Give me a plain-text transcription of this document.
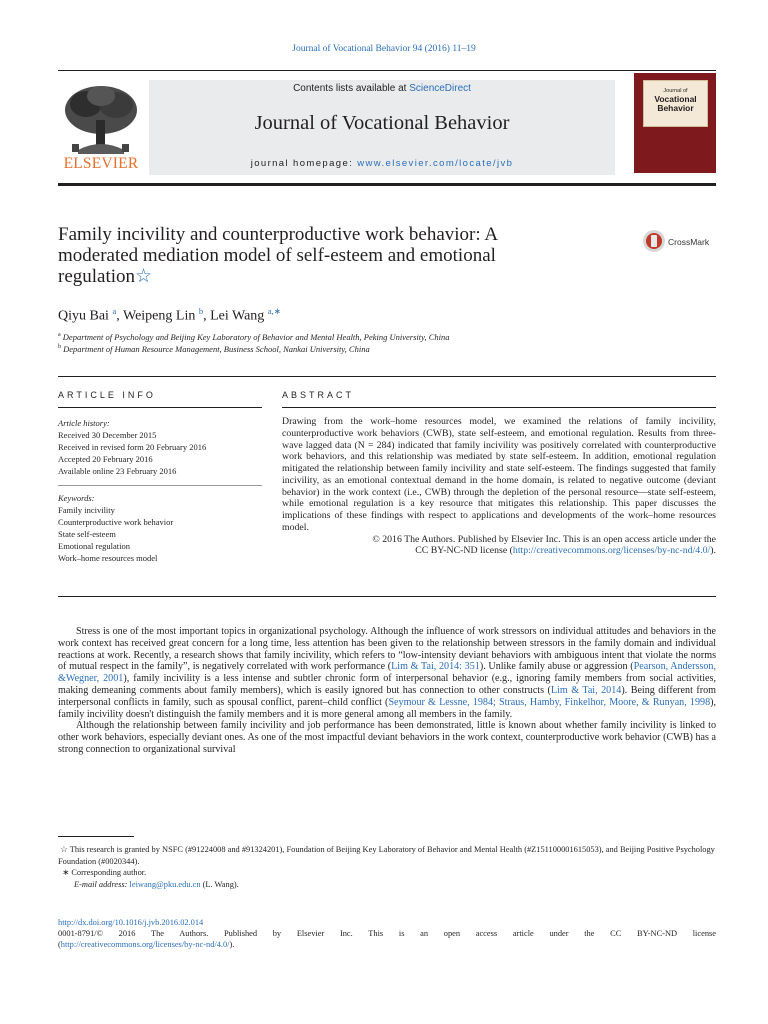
Journal of Vocational Behavior 94 (2016) 11–19
ELSEVIER
Contents lists available at ScienceDirect
Journal of Vocational Behavior
journal homepage: www.elsevier.com/locate/jvb
Journal of
Vocational
Behavior
Family incivility and counterproductive work behavior: A moderated mediation model of self-esteem and emotional regulation☆
CrossMark
Qiyu Bai $^a$, Weipeng Lin $^b$, Lei Wang $^{a,∗}$
$^a$ Department of Psychology and Beijing Key Laboratory of Behavior and Mental Health, Peking University, China
$^b$ Department of Human Resource Management, Business School, Nankai University, China
ARTICLE INFO	ABSTRACT
Article history:
Received 30 December 2015
Received in revised form 20 February 2016
Accepted 20 February 2016
Available online 23 February 2016
Keywords:
Family incivility
Counterproductive work behavior
State self-esteem
Emotional regulation
Work–home resources model

Drawing from the work–home resources model, we examined the relations of family incivility, counterproductive work behaviors (CWB), state self-esteem, and emotional regulation. Results from three-wave lagged data (N = 284) indicated that family incivility was positively correlated with counterproductive work behaviors, and this relationship was mediated by state self-esteem. In addition, emotional regulation mitigated the relationship between family incivility and state self-esteem. The findings suggested that family incivility, as an emotional contextual demand in the home domain, is related to negative outcome (deviant behavior) in the work context (i.e., CWB) through the depletion of the personal resource—state self-esteem, while emotional regulation is a key resource that mitigates this relationship. This paper discusses the implications of these findings with respect to applications and developments of the work–home resources model.

© 2016 The Authors. Published by Elsevier Inc. This is an open access article under the

CC BY-NC-ND license (http://creativecommons.org/licenses/by-nc-nd/4.0/).

Stress is one of the most important topics in organizational psychology. Although the influence of work stressors on individual attitudes and behaviors in the work context has received great concern for a long time, less attention has been given to the relationship between stressors in the family domain and individual reactions at work. Recently, a research shows that family incivility, which refers to “low-intensity deviant behaviors with ambiguous intent that violate the norms of mutual respect in the family”, is negatively correlated with work performance (Lim & Tai, 2014: 351). Unlike family abuse or aggression (Pearson, Andersson, &Wegner, 2001), family incivility is a less intense and subtler chronic form of interpersonal behavior (e.g., ignoring family members from social activities, making demeaning comments about family members), which is easily ignored but has connection to other constructs (Lim & Tai, 2014). Being different from interpersonal conflicts in family, such as spousal conflict, parent–child conflict (Seymour & Lessne, 1984; Straus, Hamby, Finkelhor, Moore, & Runyan, 1998), family incivility doesn't distinguish the family members and it is more general among all members in the family.

Although the relationship between family incivility and job performance has been demonstrated, little is known about whether family incivility is linked to other work behaviors, especially deviant ones. As one of the most impactful deviant behaviors in the work context, counterproductive work behavior (CWB) has a strong connection to organizational survival

☆ This research is granted by NSFC (#91224008 and #91324201), Foundation of Beijing Key Laboratory of Behavior and Mental Health (#Z151100001615053), and Beijing Positive Psychology Foundation (#0020344).

∗ Corresponding author.

E-mail address: leiwang@pku.edu.cn (L. Wang).

http://dx.doi.org/10.1016/j.jvb.2016.02.014

0001-8791/© 2016 The Authors. Published by Elsevier Inc. This is an open access article under the CC BY-NC-ND license

(http://creativecommons.org/licenses/by-nc-nd/4.0/).
